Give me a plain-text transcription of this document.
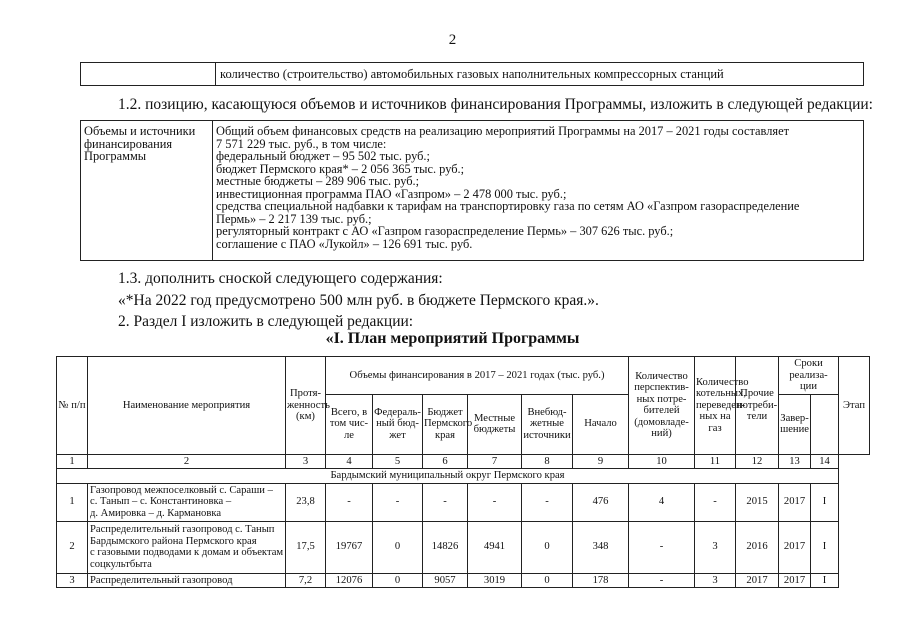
2
	количество (строительство) автомобильных газовых наполнительных компрессорных станций
1.2. позицию, касающуюся объемов и источников финансирования Программы, изложить в следующей редакции:
Объемы и источники
финансирования
Программы

Общий объем финансовых средств на реализацию мероприятий Программы на 2017 – 2021 годы составляет
7 571 229 тыс. руб., в том числе:
федеральный бюджет – 95 502 тыс. руб.;
бюджет Пермского края* – 2 056 365 тыс. руб.;
местные бюджеты – 289 906 тыс. руб.;
инвестиционная программа ПАО «Газпром» – 2 478 000 тыс. руб.;
средства специальной надбавки к тарифам на транспортировку газа по сетям АО «Газпром газораспределение
Пермь» – 2 217 139 тыс. руб.;
регуляторный контракт с АО «Газпром газораспределение Пермь» – 307 626 тыс. руб.;
соглашение с ПАО «Лукойл» – 126 691 тыс. руб.
1.3. дополнить сноской следующего содержания:
«*На 2022 год предусмотрено 500 млн руб. в бюджете Пермского края.».
2. Раздел I изложить в следующей редакции:
«I. План мероприятий Программы
№ п/п	Наименование мероприятия	Протя- женность (км)	Объемы финансирования в 2017 – 2021 годах (тыс. руб.)						Количество перспектив- ных потре- бителей (домовладе- ний)	Количество котельных, переведен- ных на газ	Прочие потреби- тели	Сроки реализа- ции		Этап
			Всего, в том чис- ле	Федераль- ный бюд- жет	Бюджет Пермского края	Местные бюджеты	Внебюд- жетные источники	Начало				Завер- шение		
1	2	3	4	5	6	7	8	9	10	11	12	13	14	
Бардымский муниципальный округ Пермского края														
1	Газопровод межпоселковый с. Сараши –
с. Танып – с. Константиновка –
д. Амировка – д. Кармановка	23,8	-	-	-	-	-	476	4	-	2015	2017	I	
2	Распределительный газопровод с. Танып
Бардымского района Пермского края
с газовыми подводами к домам и объектам
соцкультбыта	17,5	19767	0	14826	4941	0	348	-	3	2016	2017	I	
3	Распределительный газопровод	7,2	12076	0	9057	3019	0	178	-	3	2017	2017	I	
